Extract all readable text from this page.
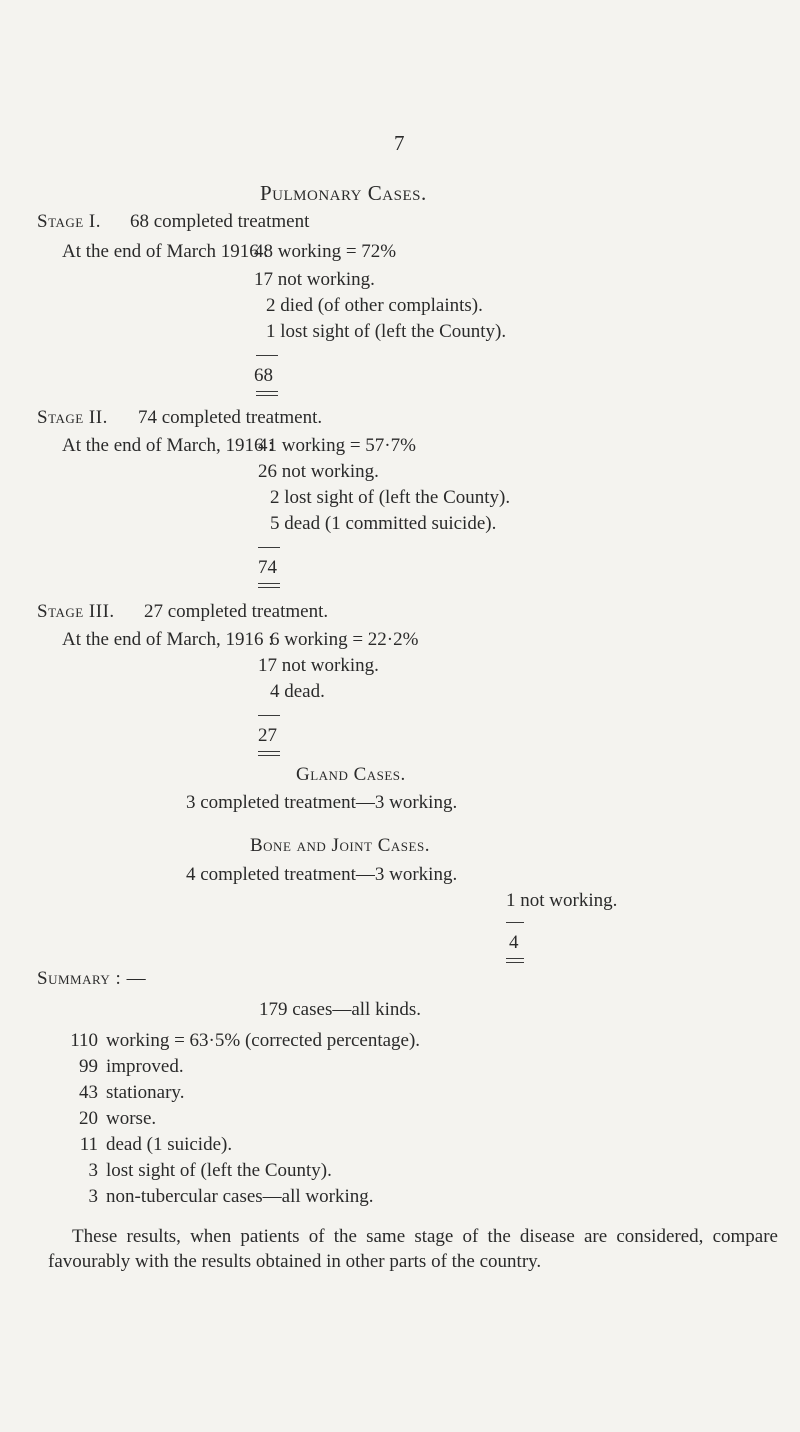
7
Pulmonary Cases.
Stage I. 68 completed treatment
At the end of March 1916 :
48 working = 72%
17 not working.
2 died (of other complaints).
1 lost sight of (left the County).
68
Stage II. 74 completed treatment.
At the end of March, 1916 :
41 working = 57·7%
26 not working.
2 lost sight of (left the County).
5 dead (1 committed suicide).
74
Stage III. 27 completed treatment.
At the end of March, 1916 :
6 working = 22·2%
17 not working.
4 dead.
27
Gland Cases.
3 completed treatment—3 working.
Bone and Joint Cases.
4 completed treatment—3 working.
1 not working.
4
Summary : —
179 cases—all kinds.
110 working = 63·5% (corrected percentage).
99 improved.
43 stationary.
20 worse.
11 dead (1 suicide).
3 lost sight of (left the County).
3 non-tubercular cases—all working.

These results, when patients of the same stage of the disease are considered, compare favourably with the results obtained in other parts of the country.
